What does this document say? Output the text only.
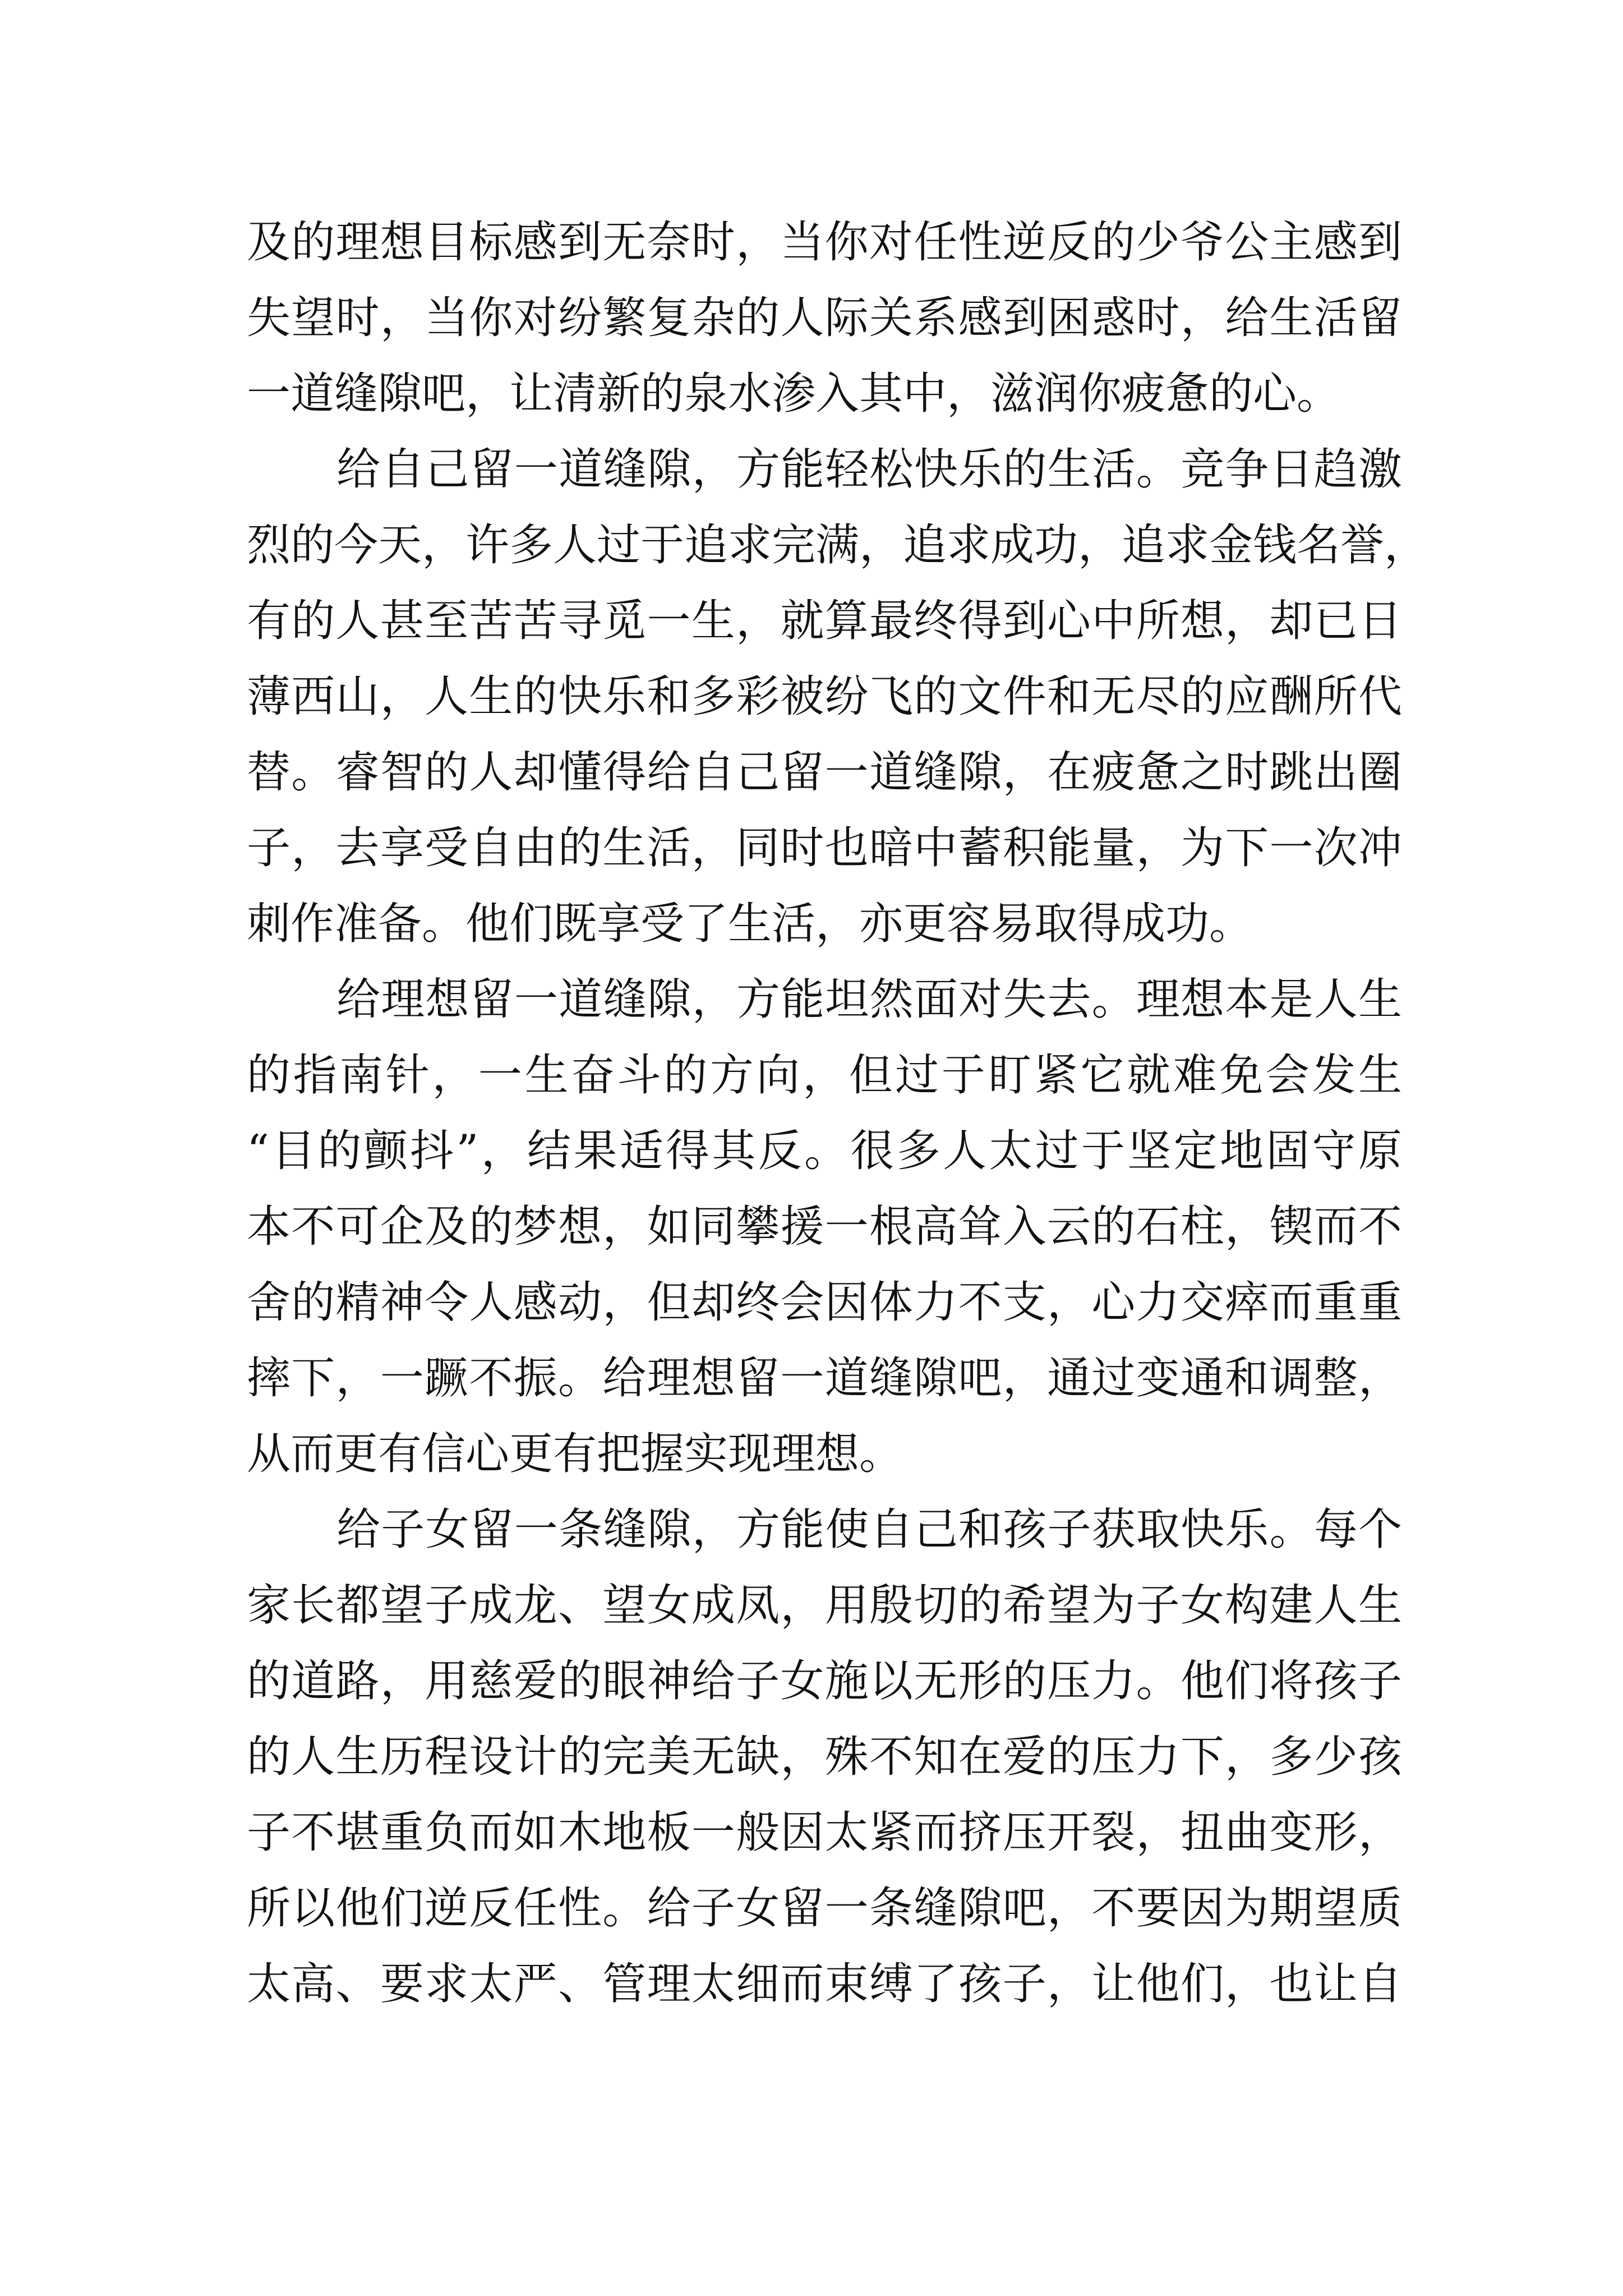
及的理想目标感到无奈时，当你对任性逆反的少爷公主感到
失望时，当你对纷繁复杂的人际关系感到困惑时，给生活留
一道缝隙吧，让清新的泉水渗入其中，滋润你疲惫的心。
给自己留一道缝隙，方能轻松快乐的生活。竞争日趋激
烈的今天，许多人过于追求完满，追求成功，追求金钱名誉，
有的人甚至苦苦寻觅一生，就算最终得到心中所想，却已日
薄西山，人生的快乐和多彩被纷飞的文件和无尽的应酬所代
替。睿智的人却懂得给自己留一道缝隙，在疲惫之时跳出圈
子，去享受自由的生活，同时也暗中蓄积能量，为下一次冲
刺作准备。他们既享受了生活，亦更容易取得成功。
给理想留一道缝隙，方能坦然面对失去。理想本是人生
的指南针，一生奋斗的方向，但过于盯紧它就难免会发生
“目的颤抖”，结果适得其反。很多人太过于坚定地固守原
本不可企及的梦想，如同攀援一根高耸入云的石柱，锲而不
舍的精神令人感动，但却终会因体力不支，心力交瘁而重重
摔下，一蹶不振。给理想留一道缝隙吧，通过变通和调整，
从而更有信心更有把握实现理想。
给子女留一条缝隙，方能使自己和孩子获取快乐。每个
家长都望子成龙、望女成凤，用殷切的希望为子女构建人生
的道路，用慈爱的眼神给子女施以无形的压力。他们将孩子
的人生历程设计的完美无缺，殊不知在爱的压力下，多少孩
子不堪重负而如木地板一般因太紧而挤压开裂，扭曲变形，
所以他们逆反任性。给子女留一条缝隙吧，不要因为期望质
太高、要求太严、管理太细而束缚了孩子，让他们，也让自
